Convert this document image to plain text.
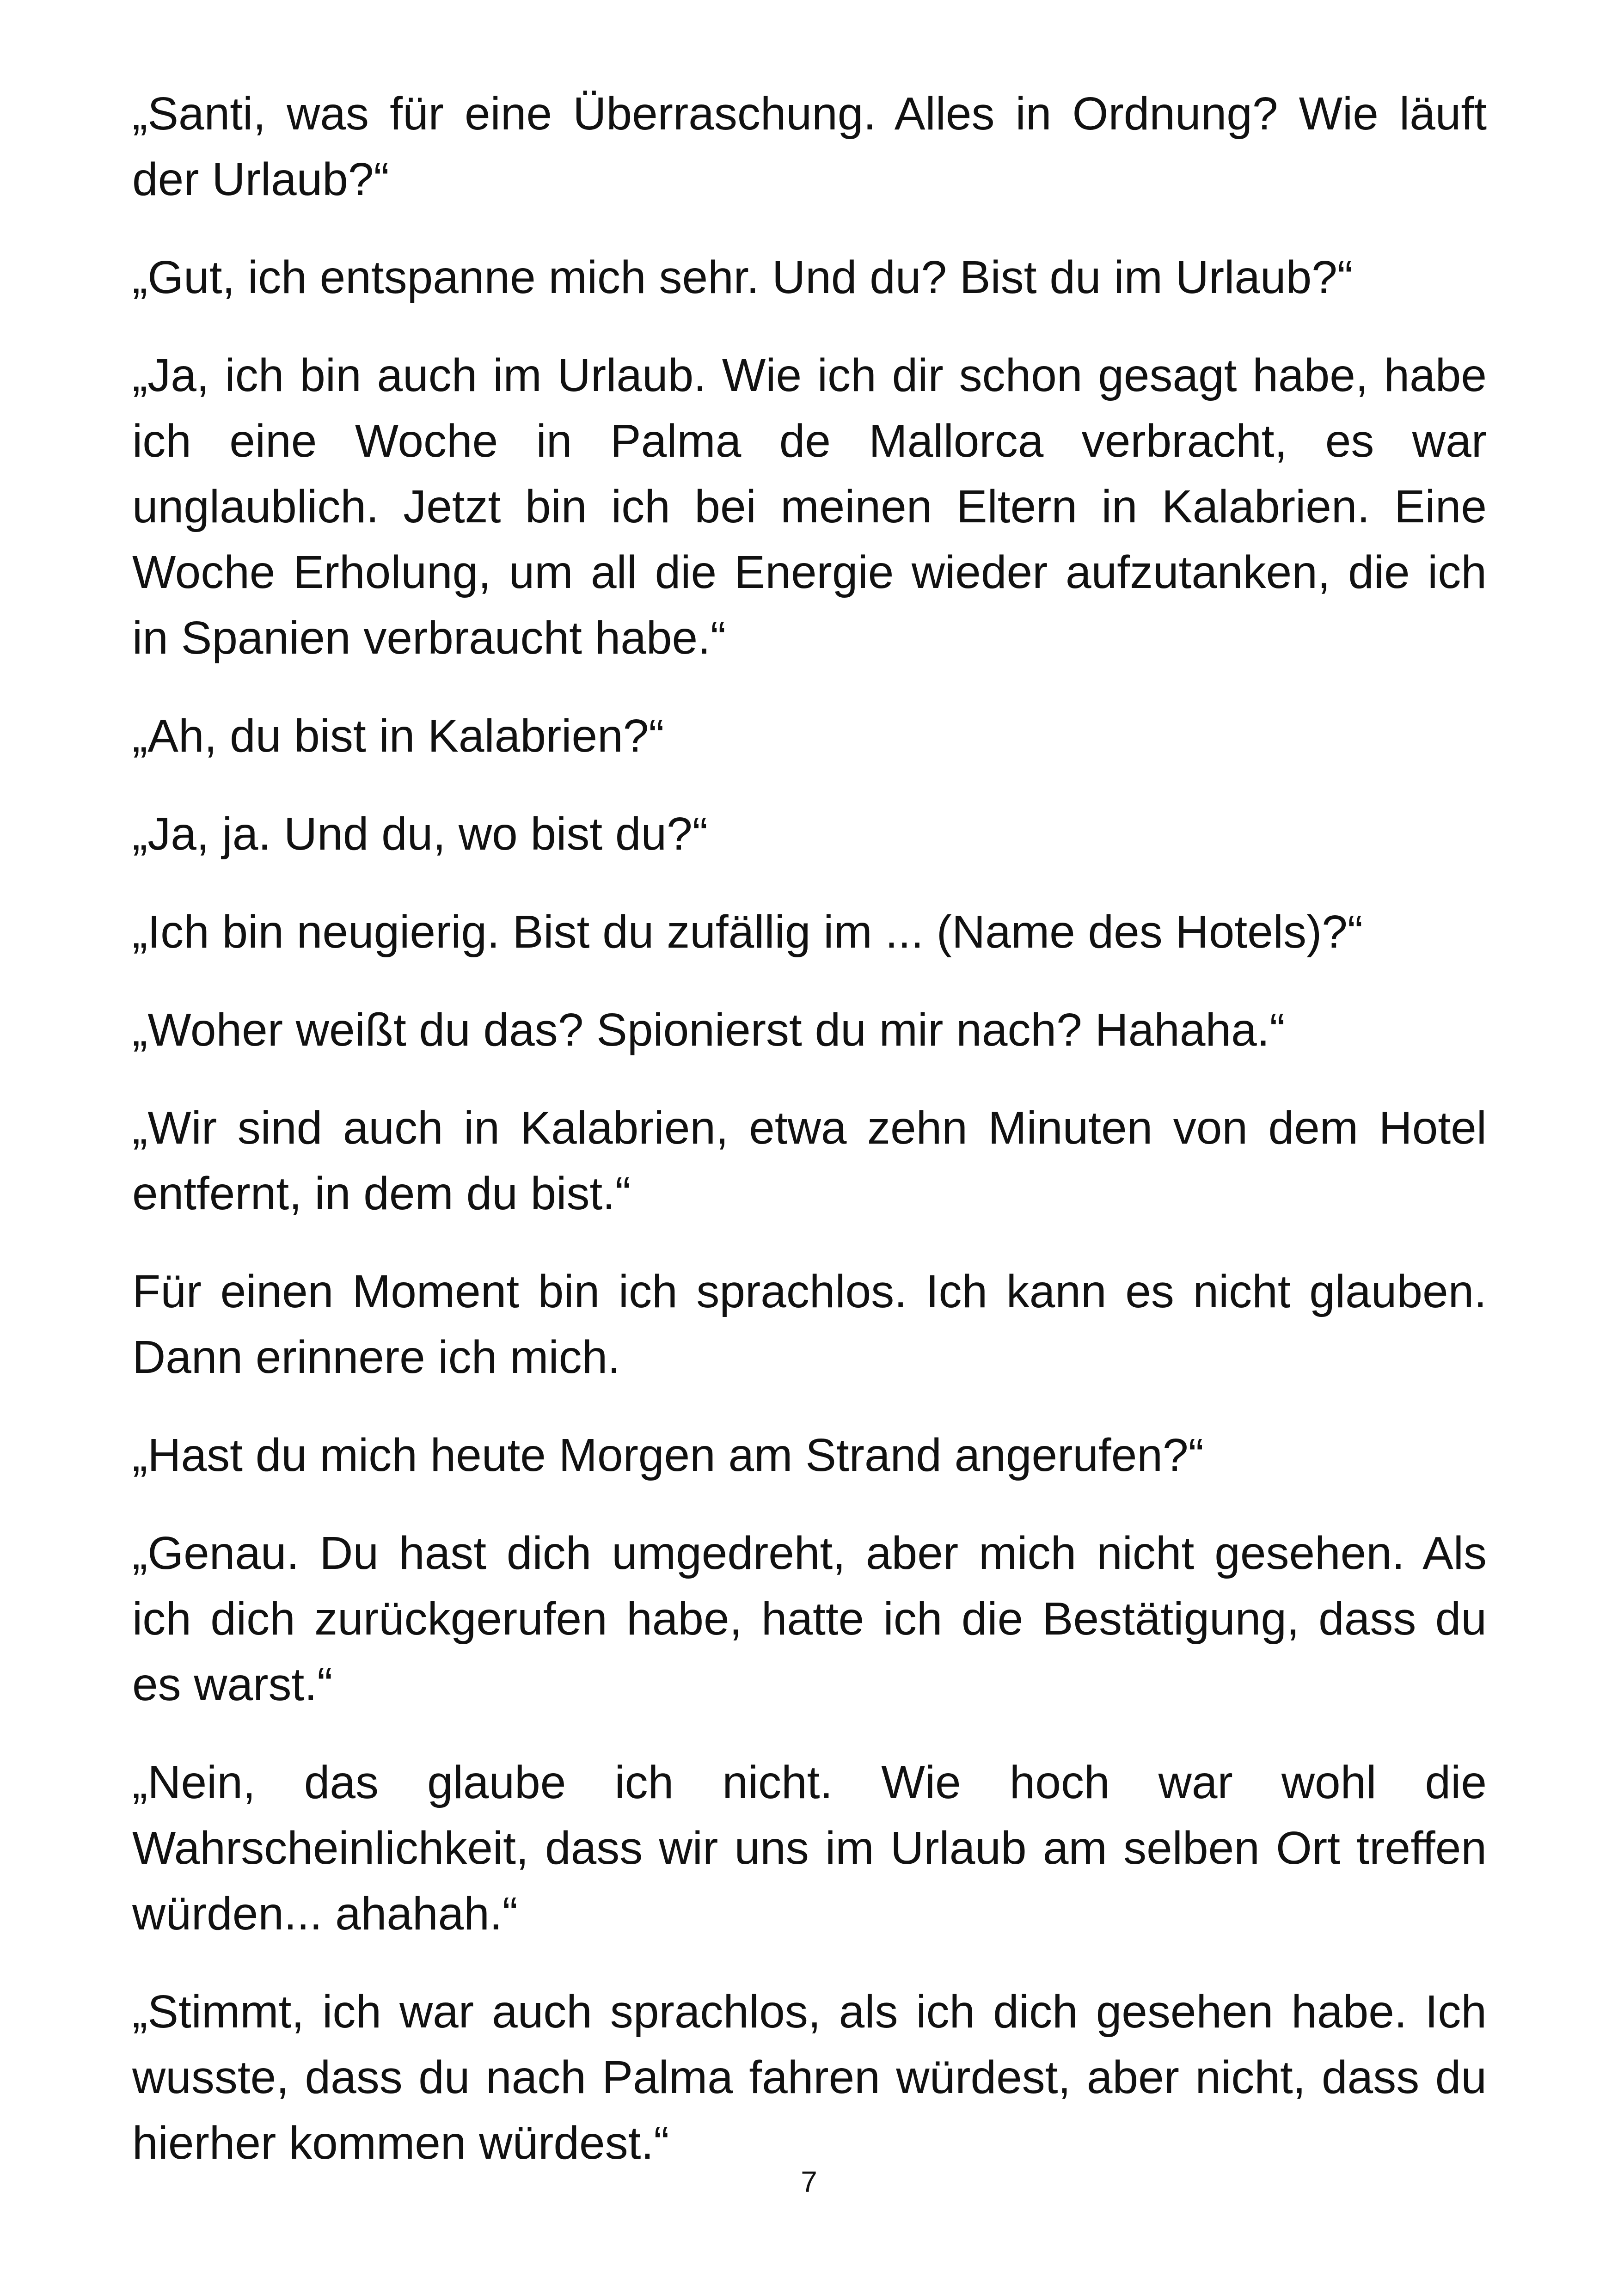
„Santi, was für eine Überraschung. Alles in Ordnung? Wie läuft der Urlaub?“

„Gut, ich entspanne mich sehr. Und du? Bist du im Urlaub?“

„Ja, ich bin auch im Urlaub. Wie ich dir schon gesagt habe, habe ich eine Woche in Palma de Mallorca verbracht, es war unglaublich. Jetzt bin ich bei meinen Eltern in Kalabrien. Eine Woche Erholung, um all die Energie wieder aufzutanken, die ich in Spanien verbraucht habe.“

„Ah, du bist in Kalabrien?“

„Ja, ja. Und du, wo bist du?“

„Ich bin neugierig. Bist du zufällig im ... (Name des Hotels)?“

„Woher weißt du das? Spionierst du mir nach? Hahaha.“

„Wir sind auch in Kalabrien, etwa zehn Minuten von dem Hotel entfernt, in dem du bist.“

Für einen Moment bin ich sprachlos. Ich kann es nicht glauben. Dann erinnere ich mich.

„Hast du mich heute Morgen am Strand angerufen?“

„Genau. Du hast dich umgedreht, aber mich nicht gesehen. Als ich dich zurückgerufen habe, hatte ich die Bestätigung, dass du es warst.“

„Nein, das glaube ich nicht. Wie hoch war wohl die Wahrscheinlichkeit, dass wir uns im Urlaub am selben Ort treffen würden... ahahah.“

„Stimmt, ich war auch sprachlos, als ich dich gesehen habe. Ich wusste, dass du nach Palma fahren würdest, aber nicht, dass du hierher kommen würdest.“

7
